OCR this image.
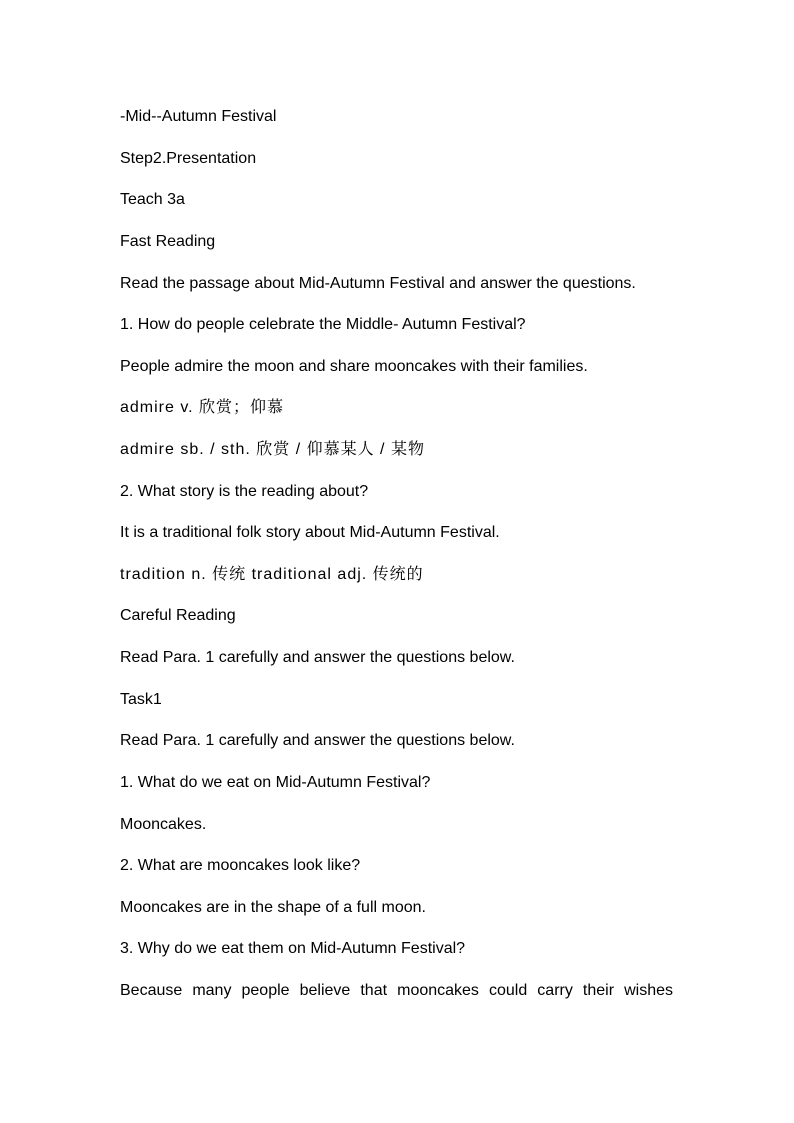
-Mid--Autumn Festival

Step2.Presentation

Teach 3a

Fast Reading

Read the passage about Mid-Autumn Festival and answer the questions.

1. How do people celebrate the Middle- Autumn Festival?

People admire the moon and share mooncakes with their families.

admire v. 欣赏；仰慕

admire sb. / sth. 欣赏 / 仰慕某人 / 某物

2. What story is the reading about?

It is a traditional folk story about Mid-Autumn Festival.

tradition n. 传统 traditional adj. 传统的

Careful Reading

Read Para. 1 carefully and answer the questions below.

Task1

Read Para. 1 carefully and answer the questions below.

1. What do we eat on Mid-Autumn Festival?

Mooncakes.

2. What are mooncakes look like?

Mooncakes are in the shape of a full moon.

3. Why do we eat them on Mid-Autumn Festival?

Because many people believe that mooncakes could carry their wishes
